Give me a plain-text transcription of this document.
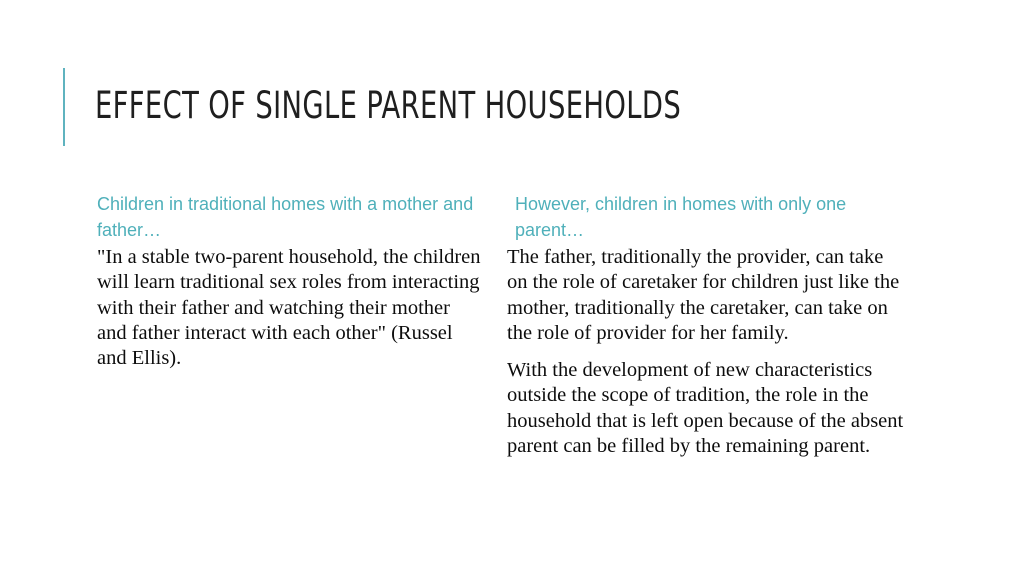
EFFECT OF SINGLE PARENT HOUSEHOLDS
Children in traditional homes with a mother and father…

"In a stable two-parent household, the children will learn traditional sex roles from interacting with their father and watching their mother and father interact with each other" (Russel and Ellis).

However, children in homes with only one parent…

The father, traditionally the provider, can take on the role of caretaker for children just like the mother, traditionally the caretaker, can take on the role of provider for her family.

With the development of new characteristics outside the scope of tradition, the role in the household that is left open because of the absent parent can be filled by the remaining parent.
